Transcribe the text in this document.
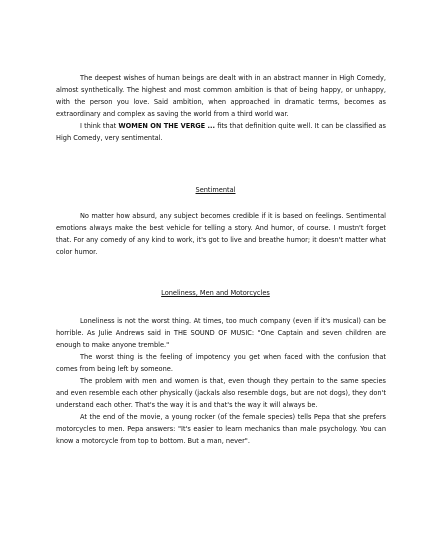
The deepest wishes of human beings are dealt with in an abstract manner in High Comedy, almost synthetically. The highest and most common ambition is that of being happy, or unhappy, with the person you love. Said ambition, when approached in dramatic terms, becomes as extraordinary and complex as saving the world from a third world war.

I think that WOMEN ON THE VERGE ... fits that definition quite well. It can be classified as High Comedy, very sentimental.

Sentimental

No matter how absurd, any subject becomes credible if it is based on feelings. Sentimental emotions always make the best vehicle for telling a story. And humor, of course. I mustn't forget that. For any comedy of any kind to work, it's got to live and breathe humor; it doesn't matter what color humor.

Loneliness, Men and Motorcycles

Loneliness is not the worst thing. At times, too much company (even if it's musical) can be horrible. As Julie Andrews said in THE SOUND OF MUSIC: "One Captain and seven children are enough to make anyone tremble."

The worst thing is the feeling of impotency you get when faced with the confusion that comes from being left by someone.

The problem with men and women is that, even though they pertain to the same species and even resemble each other physically (jackals also resemble dogs, but are not dogs), they don't understand each other. That's the way it is and that's the way it will always be.

At the end of the movie, a young rocker (of the female species) tells Pepa that she prefers motorcycles to men. Pepa answers: "It's easier to learn mechanics than male psychology. You can know a motorcycle from top to bottom. But a man, never".
